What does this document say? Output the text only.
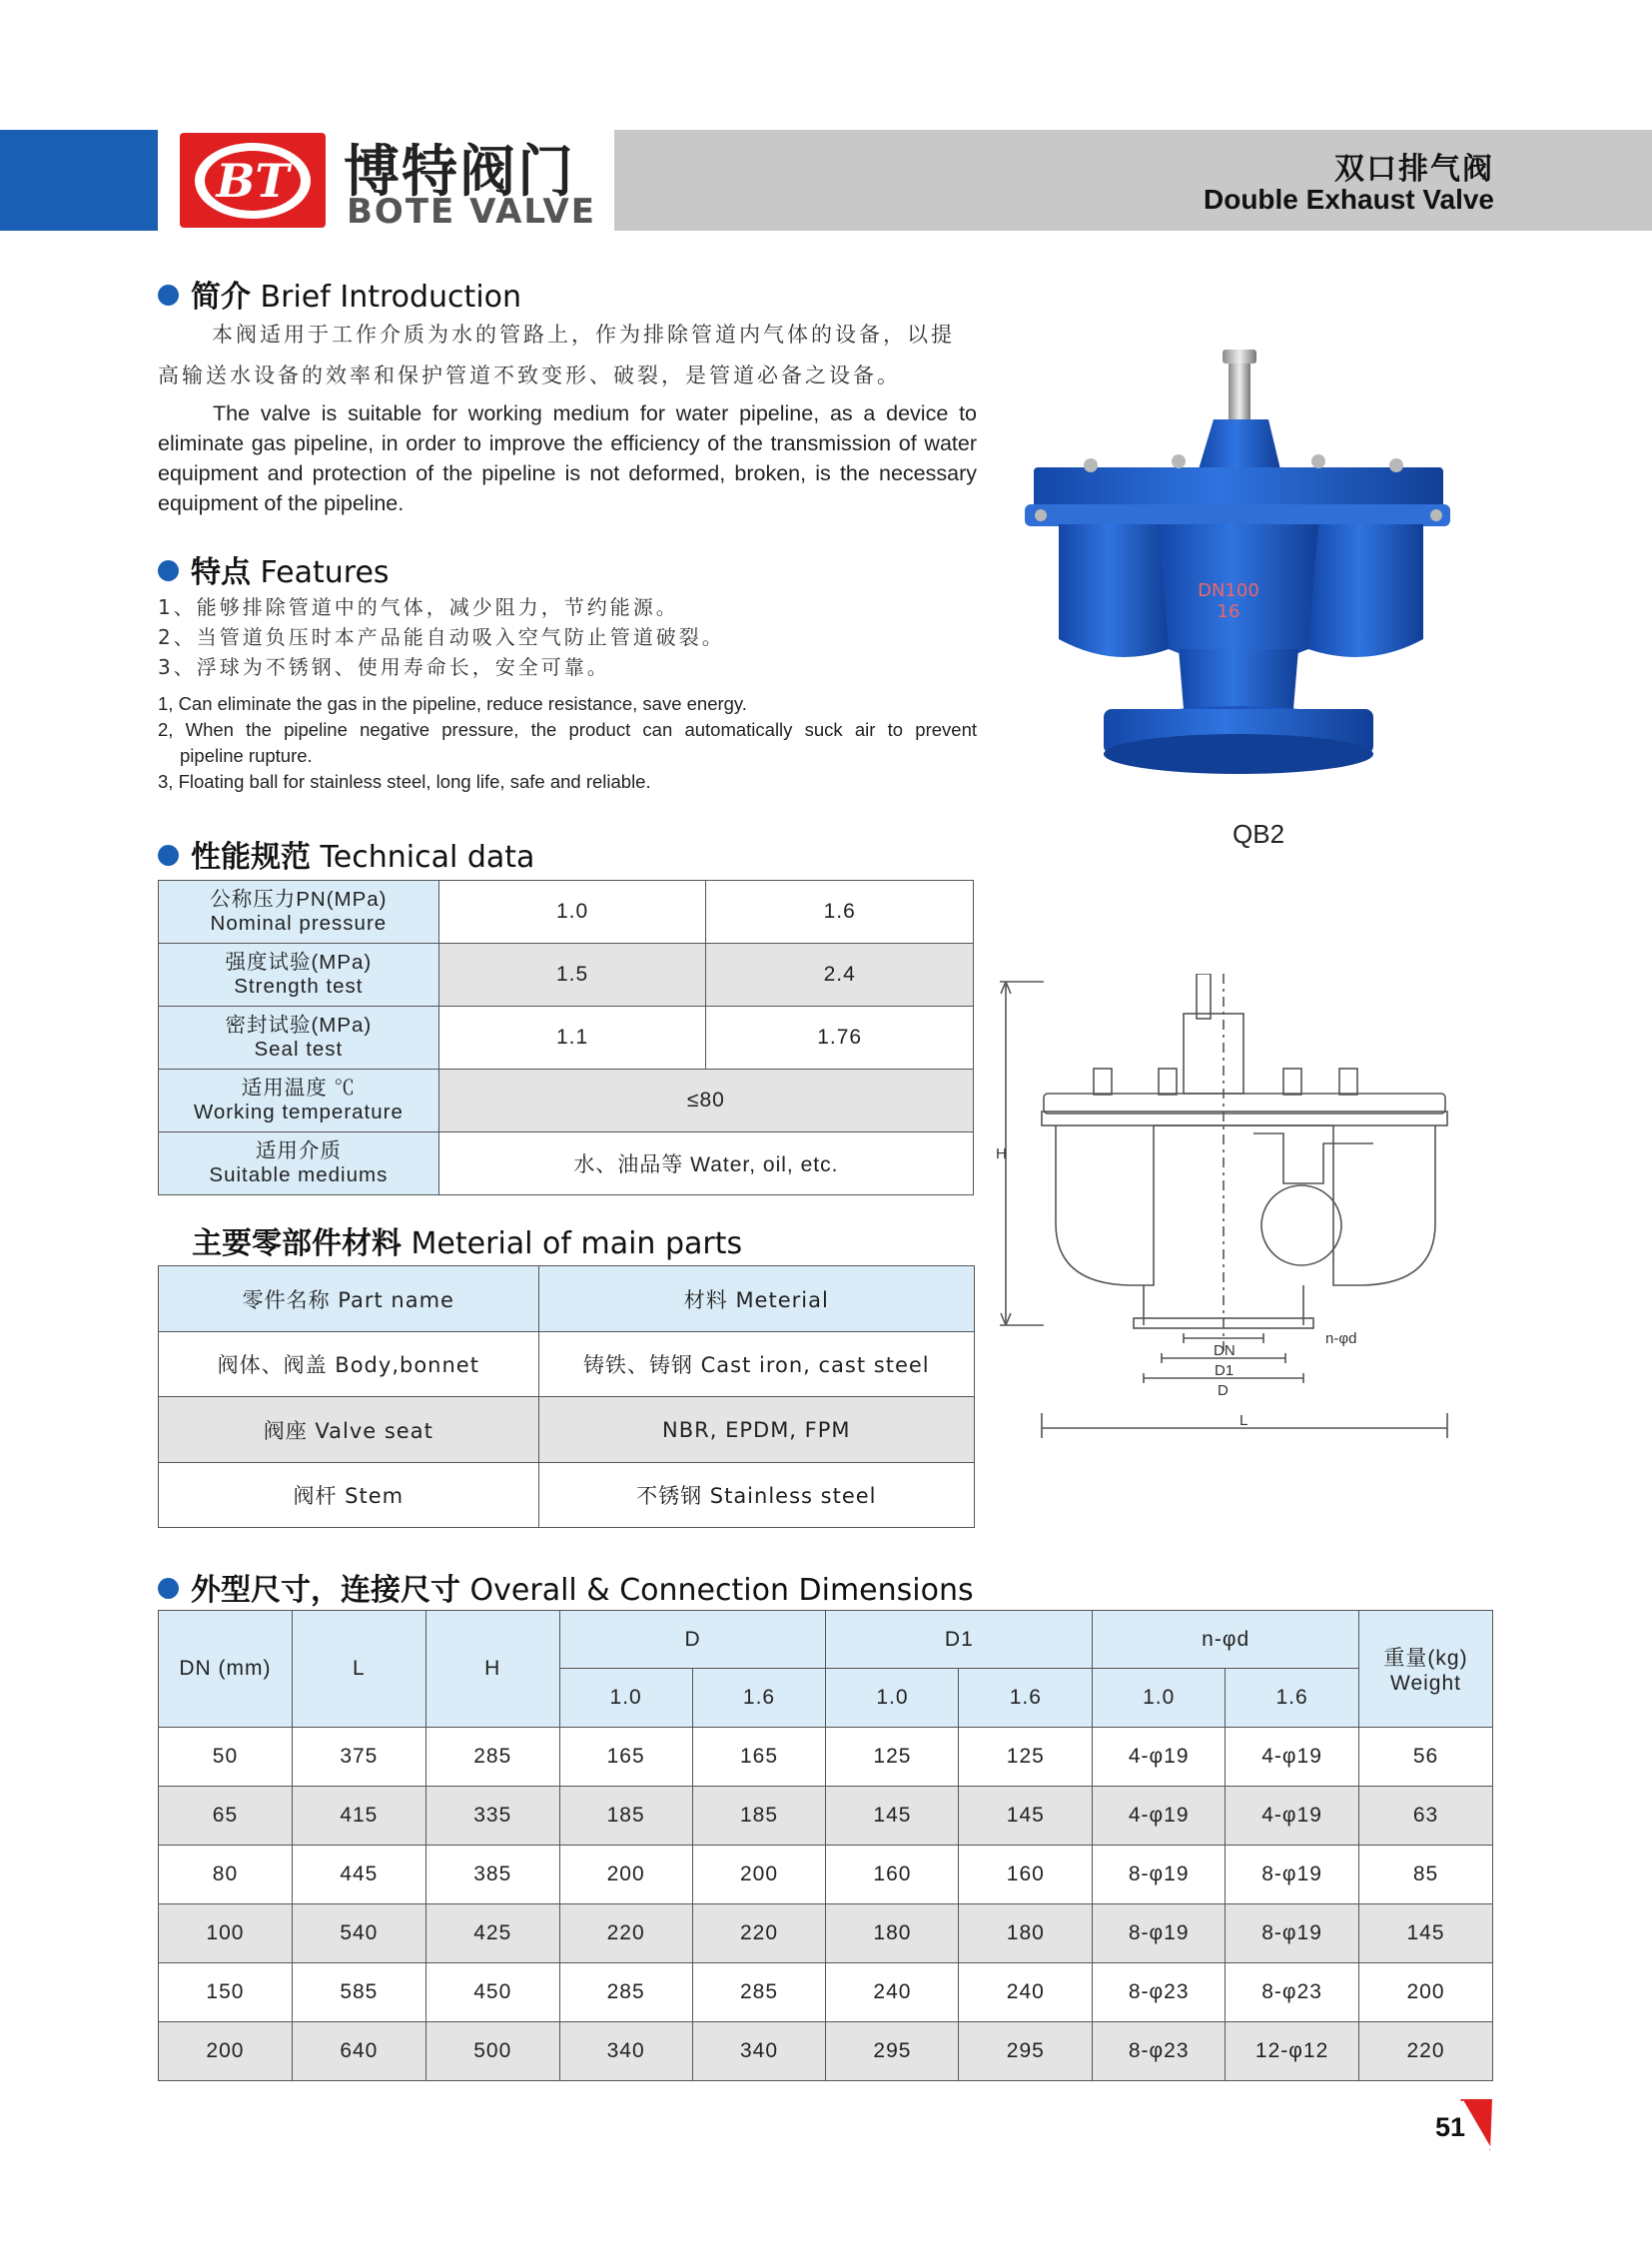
BT 博特阀门
BOTE VALVE
双口排气阀
Double Exhaust Valve
简介 Brief Introduction
本阀适用于工作介质为水的管路上，作为排除管道内气体的设备，以提
高输送水设备的效率和保护管道不致变形、破裂，是管道必备之设备。
The valve is suitable for working medium for water pipeline, as a device to eliminate gas pipeline, in order to improve the efficiency of the transmission of water equipment and protection of the pipeline is not deformed, broken, is the necessary equipment of the pipeline.
特点 Features
1、能够排除管道中的气体，减少阻力，节约能源。
2、当管道负压时本产品能自动吸入空气防止管道破裂。
3、浮球为不锈钢、使用寿命长，安全可靠。
1, Can eliminate the gas in the pipeline, reduce resistance, save energy.
2, When the pipeline negative pressure, the product can automatically suck air to prevent
pipeline rupture.
3, Floating ball for stainless steel, long life, safe and reliable.
DN100
16
QB2
性能规范 Technical data
公称压力PN(MPa)
Nominal pressure	1.0	1.6

强度试验(MPa)
Strength test	1.5	2.4

密封试验(MPa)
Seal test	1.1	1.76

适用温度 ℃
Working temperature	≤80	

适用介质
Suitable mediums	水、油品等 Water, oil, etc.		H
DN
D1
D
L
n-φd
主要零部件材料 Meterial of main parts
零件名称 Part name	材料 Meterial
阀体、阀盖 Body,bonnet	铸铁、铸钢 Cast iron, cast steel
阀座 Valve seat	NBR, EPDM, FPM
阀杆 Stem	不锈钢 Stainless steel
外型尺寸，连接尺寸 Overall & Connection Dimensions
DN (mm)	L	H	D		D1		n-φd		重量(kg)
Weight

			1.0	1.6	1.0	1.6	1.0	1.6	
50	375	285	165	165	125	125	4-φ19	4-φ19	56
65	415	335	185	185	145	145	4-φ19	4-φ19	63
80	445	385	200	200	160	160	8-φ19	8-φ19	85
100	540	425	220	220	180	180	8-φ19	8-φ19	145
150	585	450	285	285	240	240	8-φ23	8-φ23	200
200	640	500	340	340	295	295	8-φ23	12-φ12	220
51
